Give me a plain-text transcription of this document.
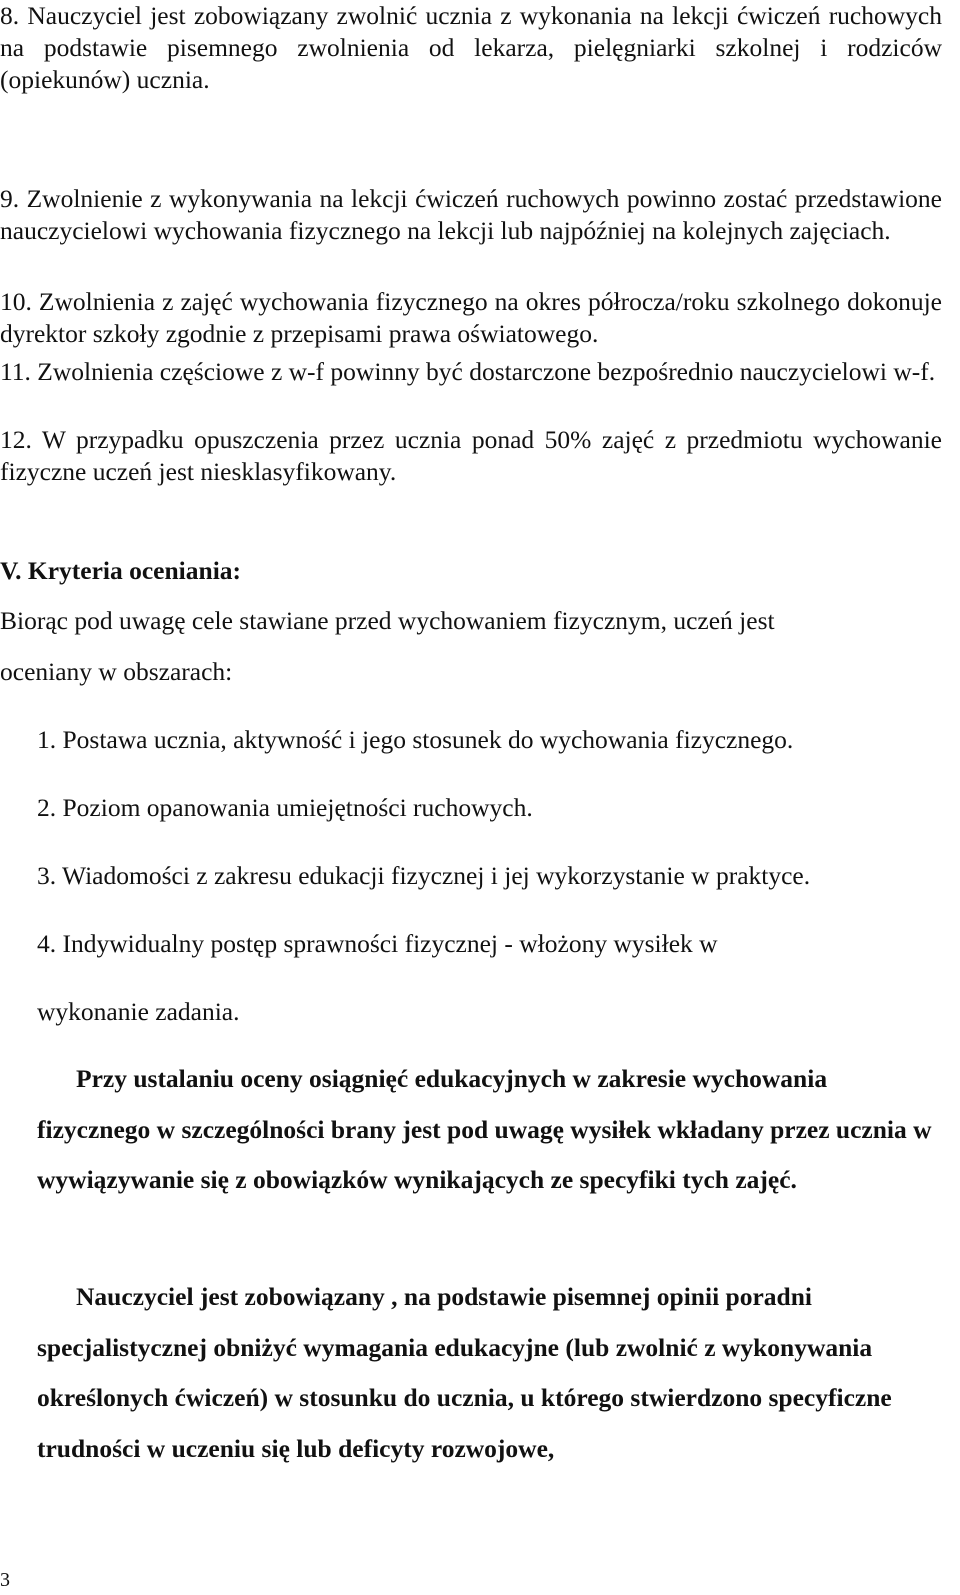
8. Nauczyciel jest zobowiązany zwolnić ucznia z wykonania na lekcji ćwiczeń ruchowych na podstawie pisemnego zwolnienia od lekarza, pielęgniarki szkolnej i rodziców (opiekunów) ucznia.

9. Zwolnienie z wykonywania na lekcji ćwiczeń ruchowych powinno zostać przedstawione nauczycielowi wychowania fizycznego na lekcji lub najpóźniej na kolejnych zajęciach.

10. Zwolnienia z zajęć wychowania fizycznego na okres półrocza/roku szkolnego dokonuje dyrektor szkoły zgodnie z przepisami prawa oświatowego.

11. Zwolnienia częściowe z w-f powinny być dostarczone bezpośrednio nauczycielowi w-f.

12. W przypadku opuszczenia przez ucznia ponad 50% zajęć z przedmiotu wychowanie fizyczne uczeń jest niesklasyfikowany.

V. Kryteria oceniania:

Biorąc pod uwagę cele stawiane przed wychowaniem fizycznym, uczeń jest

oceniany w obszarach:

1. Postawa ucznia, aktywność i jego stosunek do wychowania fizycznego.
2. Poziom opanowania umiejętności ruchowych.
3. Wiadomości z zakresu edukacji fizycznej i jej wykorzystanie w praktyce.
4. Indywidualny postęp sprawności fizycznej - włożony wysiłek w wykonanie zadania.

Przy ustalaniu oceny osiągnięć edukacyjnych w zakresie wychowania fizycznego w szczególności brany jest pod uwagę wysiłek wkładany przez ucznia w wywiązywanie się z obowiązków wynikających ze specyfiki tych zajęć.

Nauczyciel jest zobowiązany , na podstawie pisemnej opinii poradni specjalistycznej obniżyć wymagania edukacyjne (lub zwolnić z wykonywania określonych ćwiczeń) w stosunku do ucznia, u którego stwierdzono specyficzne trudności w uczeniu się lub deficyty rozwojowe,

3
